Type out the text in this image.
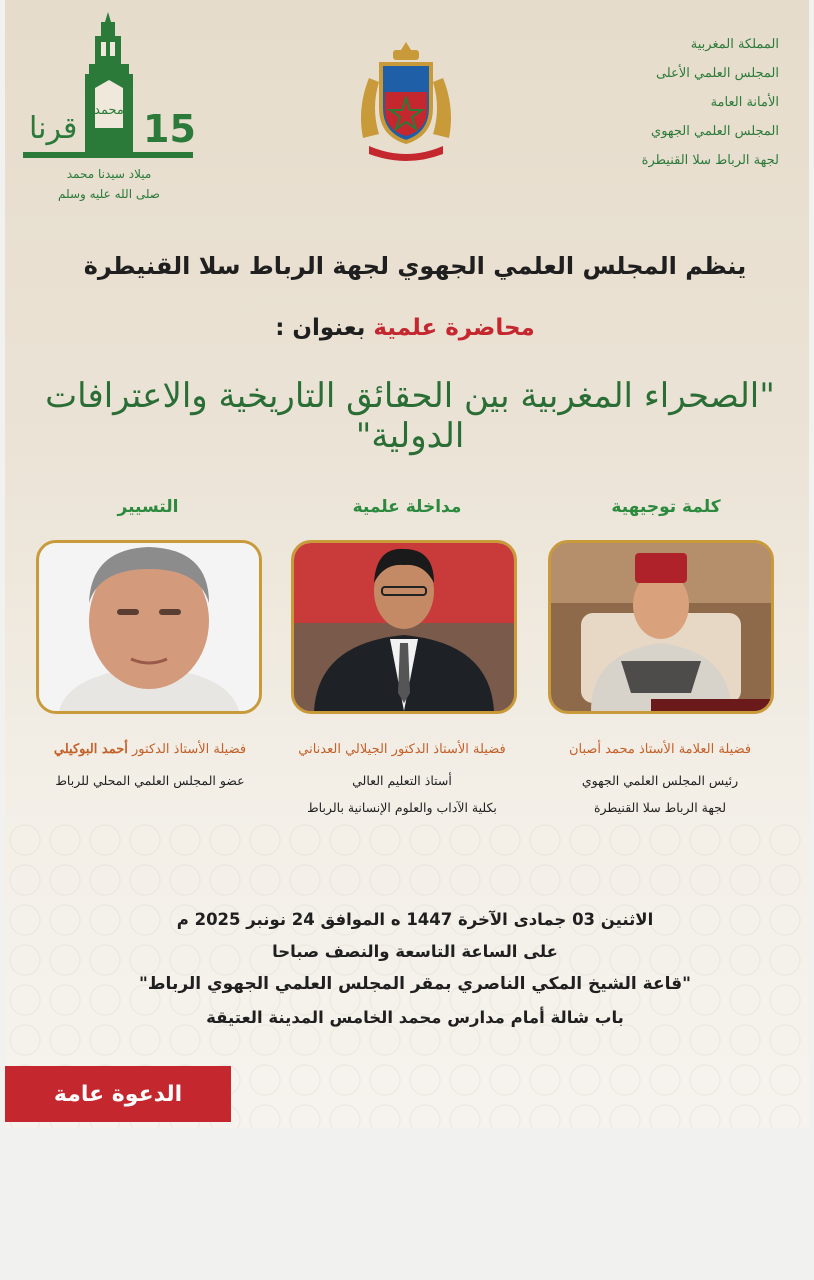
محمد 15
قرنا
ميلاد سيدنا محمد
صلى الله عليه وسلم
المملكة المغربية
المجلس العلمي الأعلى
الأمانة العامة
المجلس العلمي الجهوي
لجهة الرباط سلا القنيطرة
ينظم المجلس العلمي الجهوي لجهة الرباط سلا القنيطرة
محاضرة علمية بعنوان :
"الصحراء المغربية بين الحقائق التاريخية والاعترافات الدولية"
كلمة توجيهية
مداخلة علمية
التسيير
فضيلة العلامة الأستاذ محمد أصبان
فضيلة الأستاذ الدكتور الجيلالي العدناني
فضيلة الأستاذ الدكتور أحمد البوكيلي
رئيس المجلس العلمي الجهوي
لجهة الرباط سلا القنيطرة
أستاذ التعليم العالي
بكلية الآداب والعلوم الإنسانية بالرباط
عضو المجلس العلمي المحلي للرباط
الاثنين 03 جمادى الآخرة 1447 ه الموافق 24 نونبر 2025 م
على الساعة التاسعة والنصف صباحا
"قاعة الشيخ المكي الناصري بمقر المجلس العلمي الجهوي الرباط"
باب شالة أمام مدارس محمد الخامس المدينة العتيقة
الدعوة عامة
